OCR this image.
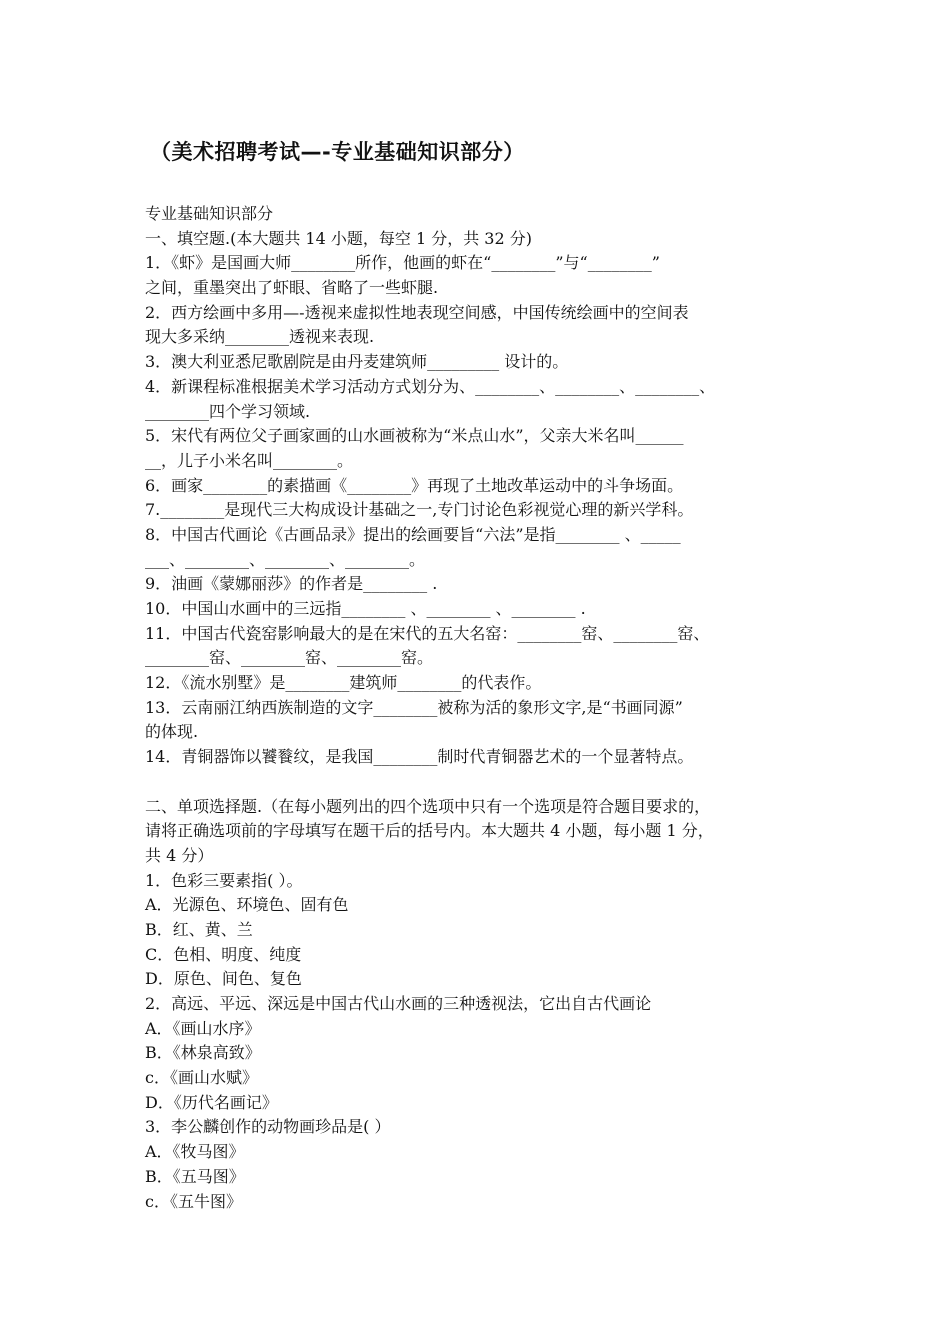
（美术招聘考试—-专业基础知识部分）
专业基础知识部分
一、填空题.(本大题共 14 小题，每空 1 分，共 32 分)
1．《虾》是国画大师________所作，他画的虾在“________”与“________”
之间，重墨突出了虾眼、省略了一些虾腿.
2．西方绘画中多用—-透视来虚拟性地表现空间感，中国传统绘画中的空间表
现大多采纳________透视来表现.
3．澳大利亚悉尼歌剧院是由丹麦建筑师_________ 设计的。
4．新课程标准根据美术学习活动方式划分为、________、________、________、
________四个学习领域.
5．宋代有两位父子画家画的山水画被称为“米点山水”，父亲大米名叫______
__，儿子小米名叫________。
6．画家________的素描画《________》再现了土地改革运动中的斗争场面。
7.________是现代三大构成设计基础之一,专门讨论色彩视觉心理的新兴学科。
8．中国古代画论《古画品录》提出的绘画要旨“六法”是指________ 、_____
___、________、________、________。
9．油画《蒙娜丽莎》的作者是________ .
10．中国山水画中的三远指________ 、________ 、________ .
11．中国古代瓷窑影响最大的是在宋代的五大名窑：________窑、________窑、
________窑、________窑、________窑。
12．《流水别墅》是________建筑师________的代表作。
13．云南丽江纳西族制造的文字________被称为活的象形文字,是“书画同源”
的体现.
14．青铜器饰以饕餮纹，是我国________制时代青铜器艺术的一个显著特点。
二、单项选择题.（在每小题列出的四个选项中只有一个选项是符合题目要求的，
请将正确选项前的字母填写在题干后的括号内。本大题共 4 小题，每小题 1 分，
共 4 分）
1．色彩三要素指( ）。
A．光源色、环境色、固有色
B．红、黄、兰
C．色相、明度、纯度
D．原色、间色、复色
2．高远、平远、深远是中国古代山水画的三种透视法，它出自古代画论
A．《画山水序》
B．《林泉高致》
c．《画山水赋》
D．《历代名画记》
3．李公麟创作的动物画珍品是( ）
A．《牧马图》
B．《五马图》
c．《五牛图》
